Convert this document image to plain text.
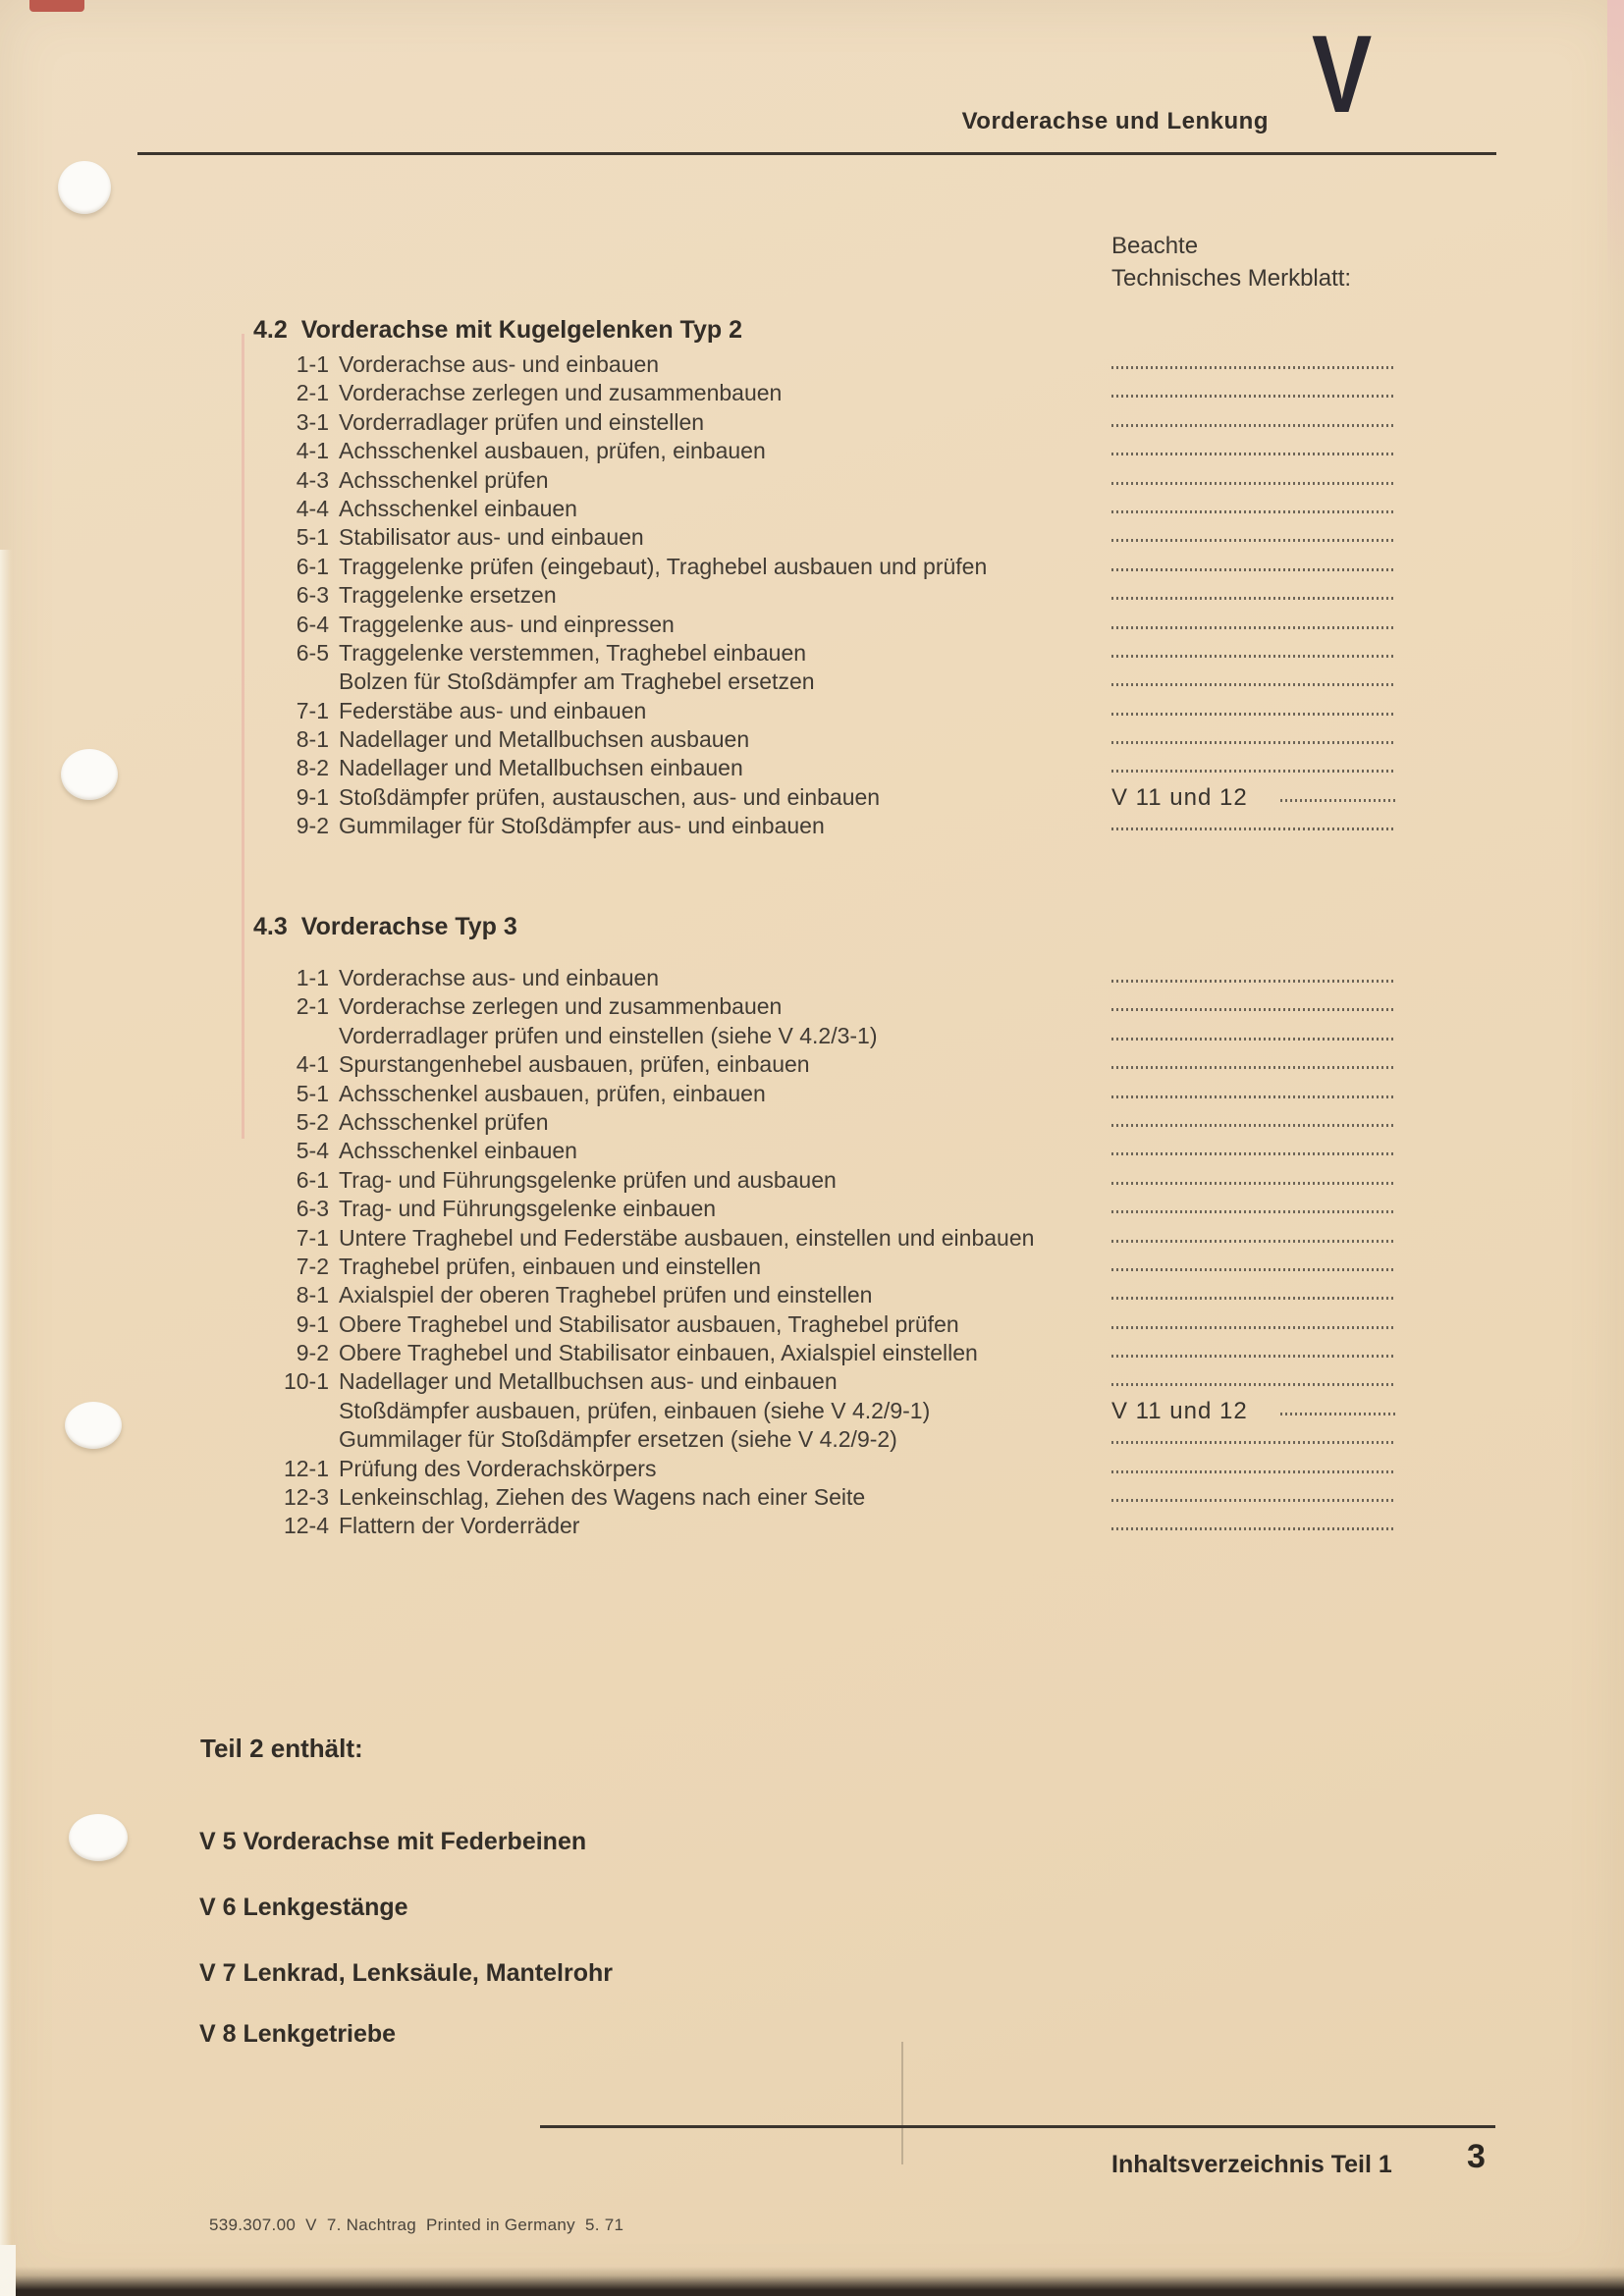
Vorderachse und Lenkung V
Beachte
Technisches Merkblatt:
4.2 Vorderachse mit Kugelgelenken Typ 2
1-1 Vorderachse aus- und einbauen
2-1 Vorderachse zerlegen und zusammenbauen
3-1 Vorderradlager prüfen und einstellen
4-1 Achsschenkel ausbauen, prüfen, einbauen
4-3 Achsschenkel prüfen
4-4 Achsschenkel einbauen
5-1 Stabilisator aus- und einbauen
6-1 Traggelenke prüfen (eingebaut), Traghebel ausbauen und prüfen
6-3 Traggelenke ersetzen
6-4 Traggelenke aus- und einpressen
6-5 Traggelenke verstemmen, Traghebel einbauen
Bolzen für Stoßdämpfer am Traghebel ersetzen
7-1 Federstäbe aus- und einbauen
8-1 Nadellager und Metallbuchsen ausbauen
8-2 Nadellager und Metallbuchsen einbauen
9-1 Stoßdämpfer prüfen, austauschen, aus- und einbauen	V 11 und 12
9-2 Gummilager für Stoßdämpfer aus- und einbauen
4.3 Vorderachse Typ 3
1-1 Vorderachse aus- und einbauen
2-1 Vorderachse zerlegen und zusammenbauen
Vorderradlager prüfen und einstellen (siehe V 4.2/3-1)
4-1 Spurstangenhebel ausbauen, prüfen, einbauen
5-1 Achsschenkel ausbauen, prüfen, einbauen
5-2 Achsschenkel prüfen
5-4 Achsschenkel einbauen
6-1 Trag- und Führungsgelenke prüfen und ausbauen
6-3 Trag- und Führungsgelenke einbauen
7-1 Untere Traghebel und Federstäbe ausbauen, einstellen und einbauen
7-2 Traghebel prüfen, einbauen und einstellen
8-1 Axialspiel der oberen Traghebel prüfen und einstellen
9-1 Obere Traghebel und Stabilisator ausbauen, Traghebel prüfen
9-2 Obere Traghebel und Stabilisator einbauen, Axialspiel einstellen
10-1 Nadellager und Metallbuchsen aus- und einbauen
Stoßdämpfer ausbauen, prüfen, einbauen (siehe V 4.2/9-1)	V 11 und 12
Gummilager für Stoßdämpfer ersetzen (siehe V 4.2/9-2)
12-1 Prüfung des Vorderachskörpers
12-3 Lenkeinschlag, Ziehen des Wagens nach einer Seite
12-4 Flattern der Vorderräder
Teil 2 enthält:
V 5 Vorderachse mit Federbeinen
V 6 Lenkgestänge
V 7 Lenkrad, Lenksäule, Mantelrohr
V 8 Lenkgetriebe
Inhaltsverzeichnis Teil 1 3
539.307.00  V  7. Nachtrag  Printed in Germany  5. 71
